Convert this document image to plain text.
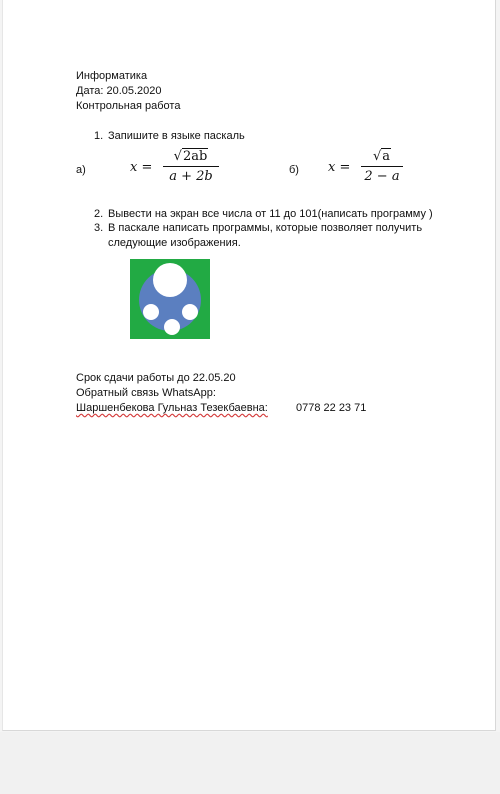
Информатика
Дата: 20.05.2020
Контрольная работа
1. Запишите в языке паскаль
а)	x =
√2ab
a + 2b	б) x =
√a
2 − a
2. Вывести на экран все числа от 11 до 101(написать программу )
3. В паскале написать программы, которые позволяет получить
следующие изображения.
Срок сдачи работы до 22.05.20
Обратный связь WhatsApp:
Шаршенбекова Гульназ Тезекбаевна:	0778 22 23 71
